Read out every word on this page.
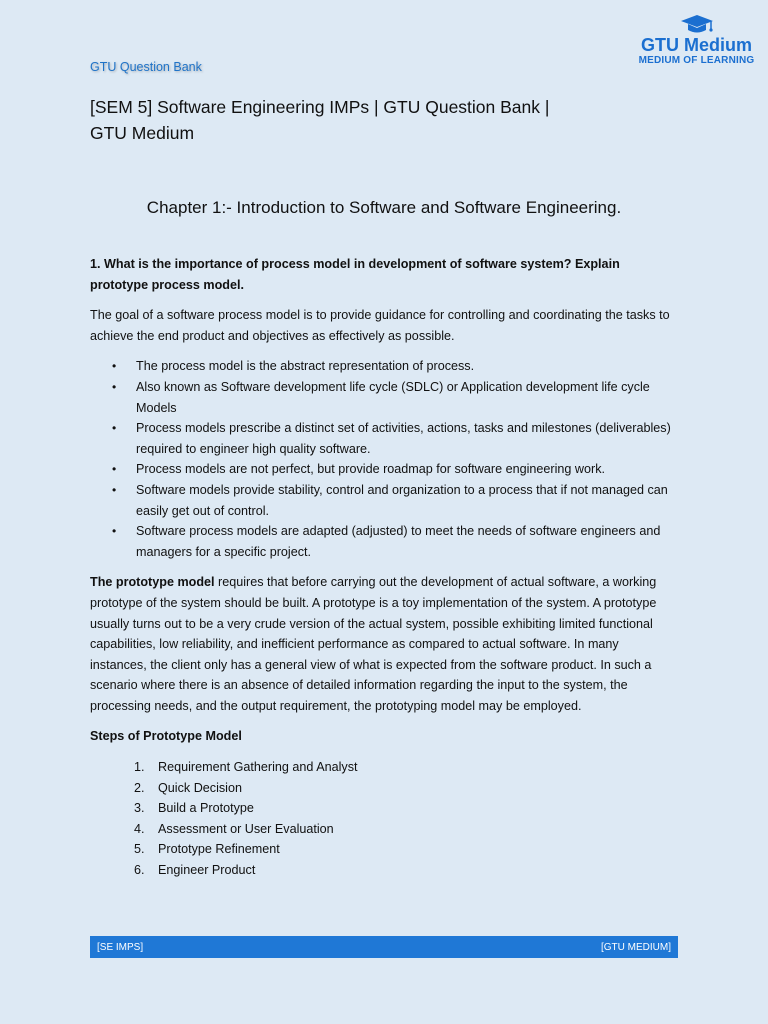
GTU Question Bank
GTU Medium
MEDIUM OF LEARNING
[SEM 5] Software Engineering IMPs | GTU Question Bank |
GTU Medium
Chapter 1:- Introduction to Software and Software Engineering.

1. What is the importance of process model in development of software system? Explain prototype process model.

The goal of a software process model is to provide guidance for controlling and coordinating the tasks to achieve the end product and objectives as effectively as possible.

• The process model is the abstract representation of process.
• Also known as Software development life cycle (SDLC) or Application development life cycle Models
• Process models prescribe a distinct set of activities, actions, tasks and milestones (deliverables) required to engineer high quality software.
• Process models are not perfect, but provide roadmap for software engineering work.
• Software models provide stability, control and organization to a process that if not managed can easily get out of control.
• Software process models are adapted (adjusted) to meet the needs of software engineers and managers for a specific project.

The prototype model requires that before carrying out the development of actual software, a working prototype of the system should be built. A prototype is a toy implementation of the system. A prototype usually turns out to be a very crude version of the actual system, possible exhibiting limited functional capabilities, low reliability, and inefficient performance as compared to actual software. In many instances, the client only has a general view of what is expected from the software product. In such a scenario where there is an absence of detailed information regarding the input to the system, the processing needs, and the output requirement, the prototyping model may be employed.

Steps of Prototype Model

1. Requirement Gathering and Analyst
2. Quick Decision
3. Build a Prototype
4. Assessment or User Evaluation
5. Prototype Refinement
6. Engineer Product
[SE IMPS]	[GTU MEDIUM]
